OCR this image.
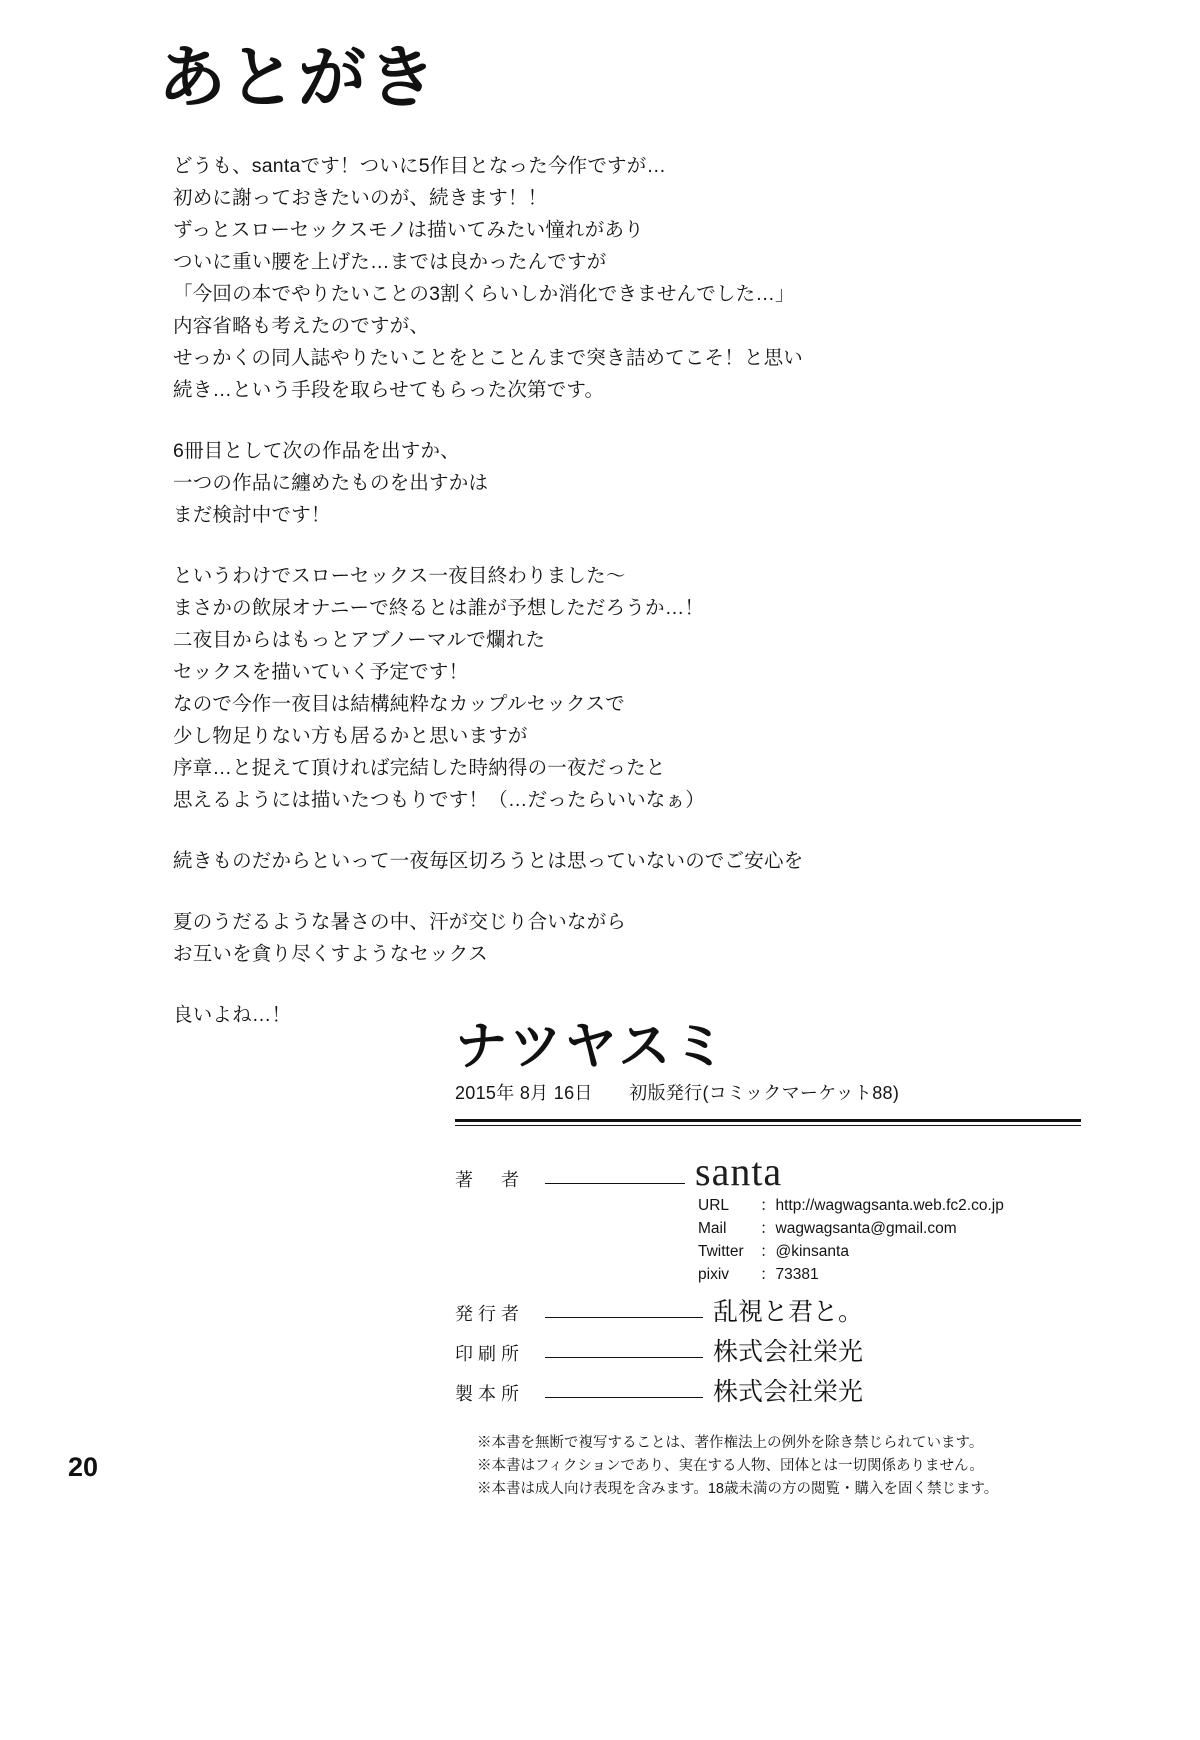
あとがき
どうも、santaです！ついに5作目となった今作ですが…
初めに謝っておきたいのが、続きます！！
ずっとスローセックスモノは描いてみたい憧れがあり
ついに重い腰を上げた…までは良かったんですが
「今回の本でやりたいことの3割くらいしか消化できませんでした…」
内容省略も考えたのですが、
せっかくの同人誌やりたいことをとことんまで突き詰めてこそ！と思い
続き…という手段を取らせてもらった次第です。
6冊目として次の作品を出すか、
一つの作品に纏めたものを出すかは
まだ検討中です！
というわけでスローセックス一夜目終わりました〜
まさかの飲尿オナニーで終るとは誰が予想しただろうか…！
二夜目からはもっとアブノーマルで爛れた
セックスを描いていく予定です！
なので今作一夜目は結構純粋なカップルセックスで
少し物足りない方も居るかと思いますが
序章…と捉えて頂ければ完結した時納得の一夜だったと
思えるようには描いたつもりです！（…だったらいいなぁ）
続きものだからといって一夜毎区切ろうとは思っていないのでご安心を
夏のうだるような暑さの中、汗が交じり合いながら
お互いを貪り尽くすようなセックス
良いよね…！
ナツヤスミ
2015年 8月 16日　　初版発行(コミックマーケット88)
著　者	santa
URL ：http://wagwagsanta.web.fc2.co.jp
Mail ：wagwagsanta@gmail.com
Twitter ：@kinsanta
pixiv ：73381
発行者	乱視と君と。
印刷所	株式会社栄光
製本所	株式会社栄光
※本書を無断で複写することは、著作権法上の例外を除き禁じられています。
※本書はフィクションであり、実在する人物、団体とは一切関係ありません。
※本書は成人向け表現を含みます。18歳未満の方の閲覧・購入を固く禁じます。
20
